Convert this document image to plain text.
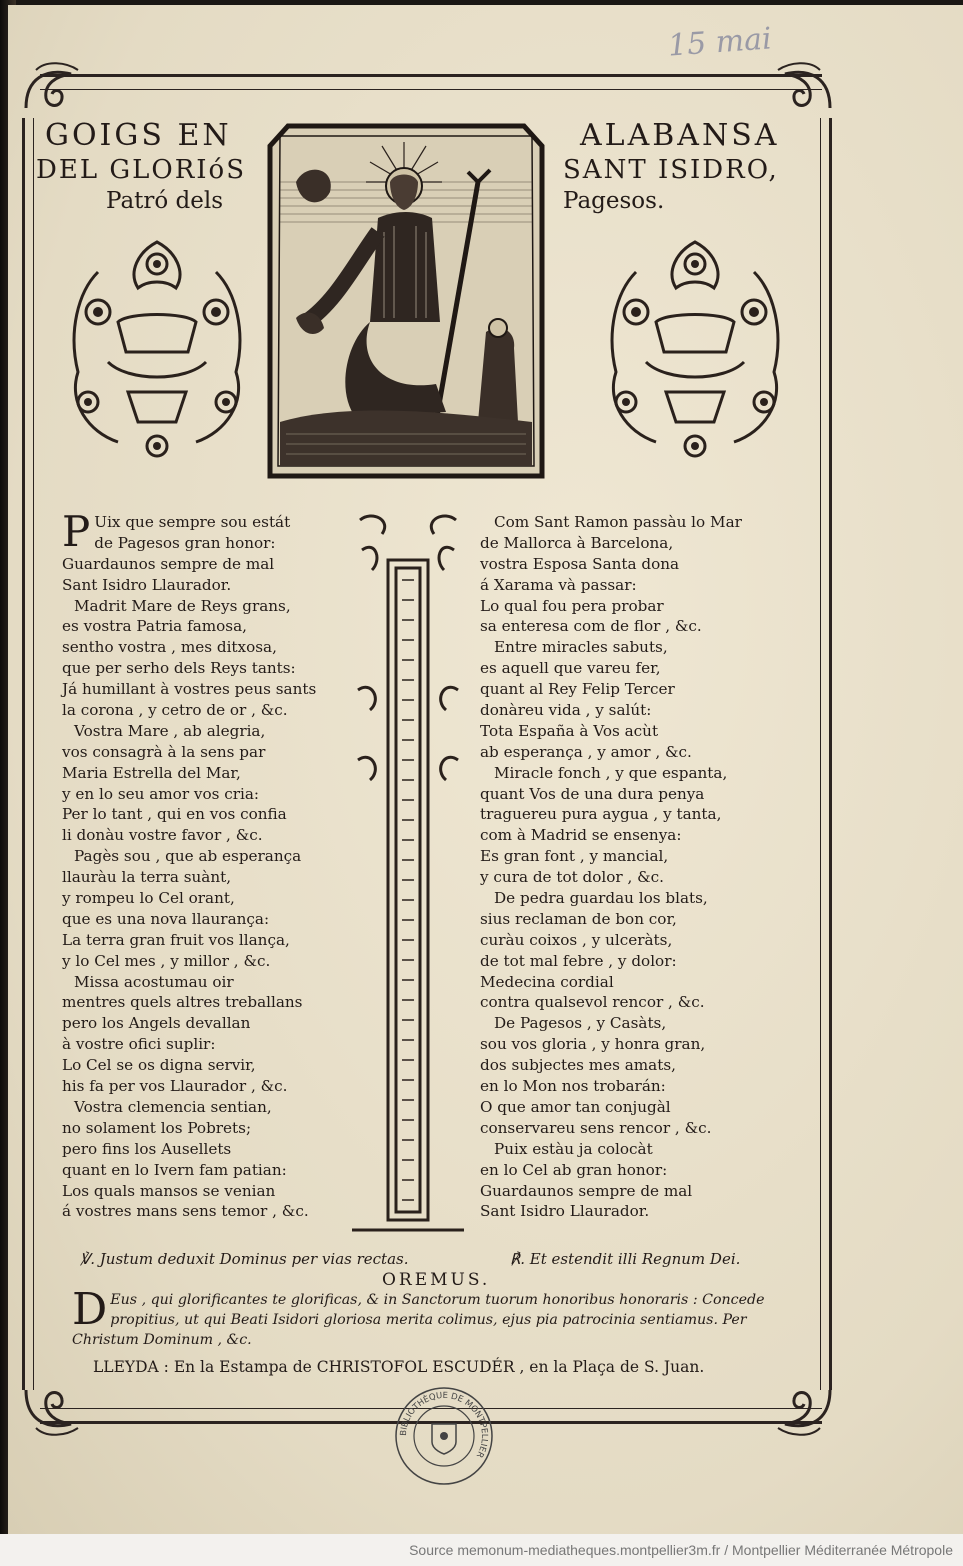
15 mai
GOIGS EN	ALABANSA
DEL GLORIóS	SANT ISIDRO,
Patró dels	Pagesos.
P Uix que sempre sou estát
de Pagesos gran honor:
Guardaunos sempre de mal
Sant Isidro Llaurador.
Madrit Mare de Reys grans,
es vostra Patria famosa,
sentho vostra , mes ditxosa,
que per serho dels Reys tants:
Já humillant à vostres peus sants
la corona , y cetro de or , &c.
Vostra Mare , ab alegria,
vos consagrà à la sens par
Maria Estrella del Mar,
y en lo seu amor vos cria:
Per lo tant , qui en vos confia
li donàu vostre favor , &c.
Pagès sou , que ab esperança
llauràu la terra suànt,
y rompeu lo Cel orant,
que es una nova llaurança:
La terra gran fruit vos llança,
y lo Cel mes , y millor , &c.
Missa acostumau oir
mentres quels altres treballans
pero los Angels devallan
à vostre ofici suplir:
Lo Cel se os digna servir,
his fa per vos Llaurador , &c.
Vostra clemencia sentian,
no solament los Pobrets;
pero fins los Ausellets
quant en lo Ivern fam patian:
Los quals mansos se venian
á vostres mans sens temor , &c.
Com Sant Ramon passàu lo Mar
de Mallorca à Barcelona,
vostra Esposa Santa dona
á Xarama và passar:
Lo qual fou pera probar
sa enteresa com de flor , &c.
Entre miracles sabuts,
es aquell que vareu fer,
quant al Rey Felip Tercer
donàreu vida , y salút:
Tota España à Vos acùt
ab esperança , y amor , &c.
Miracle fonch , y que espanta,
quant Vos de una dura penya
traguereu pura aygua , y tanta,
com à Madrid se ensenya:
Es gran font , y mancial,
y cura de tot dolor , &c.
De pedra guardau los blats,
sius reclaman de bon cor,
curàu coixos , y ulceràts,
de tot mal febre , y dolor:
Medecina cordial
contra qualsevol rencor , &c.
De Pagesos , y Casàts,
sou vos gloria , y honra gran,
dos subjectes mes amats,
en lo Mon nos trobarán:
O que amor tan conjugàl
conservareu sens rencor , &c.
Puix estàu ja colocàt
en lo Cel ab gran honor:
Guardaunos sempre de mal
Sant Isidro Llaurador.
℣. Justum deduxit Dominus per vias rectas.	℟. Et estendit illi Regnum Dei.
OREMUS.
D Eus , qui glorificantes te glorificas, & in Sanctorum tuorum honoribus honoraris : Concede
propitius, ut qui Beati Isidori gloriosa merita colimus, ejus pia patrocinia sentiamus. Per
Christum Dominum , &c.
LLEYDA : En la Estampa de CHRISTOFOL ESCUDÉR , en la Plaça de S. Juan.
BIBLIOTHÈQUE DE MONTPELLIER
Source memonum-mediatheques.montpellier3m.fr / Montpellier Méditerranée Métropole
